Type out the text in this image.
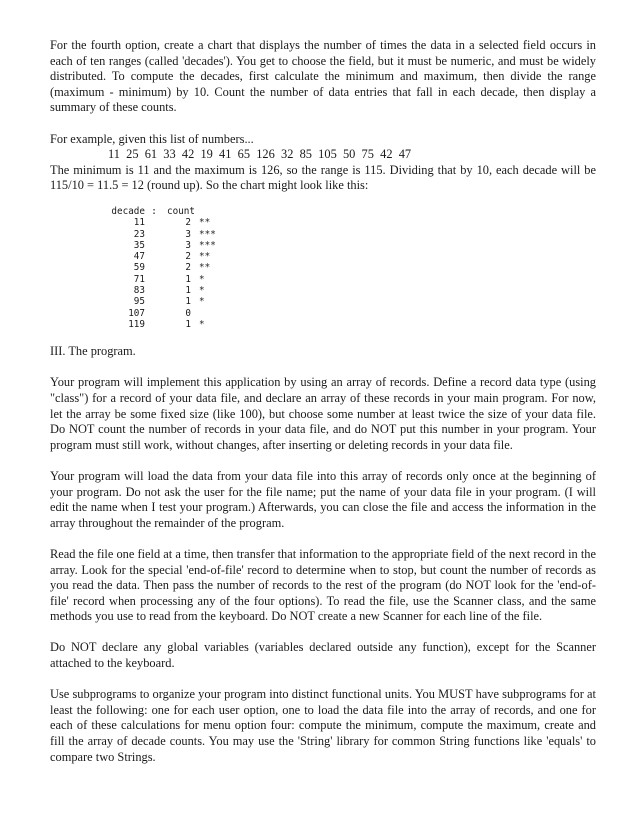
For the fourth option, create a chart that displays the number of times the data in a selected field occurs in each of ten ranges (called 'decades'). You get to choose the field, but it must be numeric, and must be widely distributed. To compute the decades, first calculate the minimum and maximum, then divide the range (maximum - minimum) by 10. Count the number of data entries that fall in each decade, then display a summary of these counts.

For example, given this list of numbers...

11  25  61  33  42  19  41  65  126  32  85  105  50  75  42  47

The minimum is 11 and the maximum is 126, so the range is 115. Dividing that by 10, each decade will be 115/10 = 11.5 = 12 (round up). So the chart might look like this:

decade :	count
11	2 **
23	3 ***
35	3 ***
47	2 **
59	2 **
71	1 *
83	1 *
95	1 *
107	0
119	1 *

III. The program.

Your program will implement this application by using an array of records. Define a record data type (using "class") for a record of your data file, and declare an array of these records in your main program. For now, let the array be some fixed size (like 100), but choose some number at least twice the size of your data file. Do NOT count the number of records in your data file, and do NOT put this number in your program. Your program must still work, without changes, after inserting or deleting records in your data file.

Your program will load the data from your data file into this array of records only once at the beginning of your program. Do not ask the user for the file name; put the name of your data file in your program. (I will edit the name when I test your program.) Afterwards, you can close the file and access the information in the array throughout the remainder of the program.

Read the file one field at a time, then transfer that information to the appropriate field of the next record in the array. Look for the special 'end-of-file' record to determine when to stop, but count the number of records as you read the data. Then pass the number of records to the rest of the program (do NOT look for the 'end-of-file' record when processing any of the four options). To read the file, use the Scanner class, and the same methods you use to read from the keyboard. Do NOT create a new Scanner for each line of the file.

Do NOT declare any global variables (variables declared outside any function), except for the Scanner attached to the keyboard.

Use subprograms to organize your program into distinct functional units. You MUST have subprograms for at least the following: one for each user option, one to load the data file into the array of records, and one for each of these calculations for menu option four: compute the minimum, compute the maximum, create and fill the array of decade counts. You may use the 'String' library for common String functions like 'equals' to compare two Strings.
